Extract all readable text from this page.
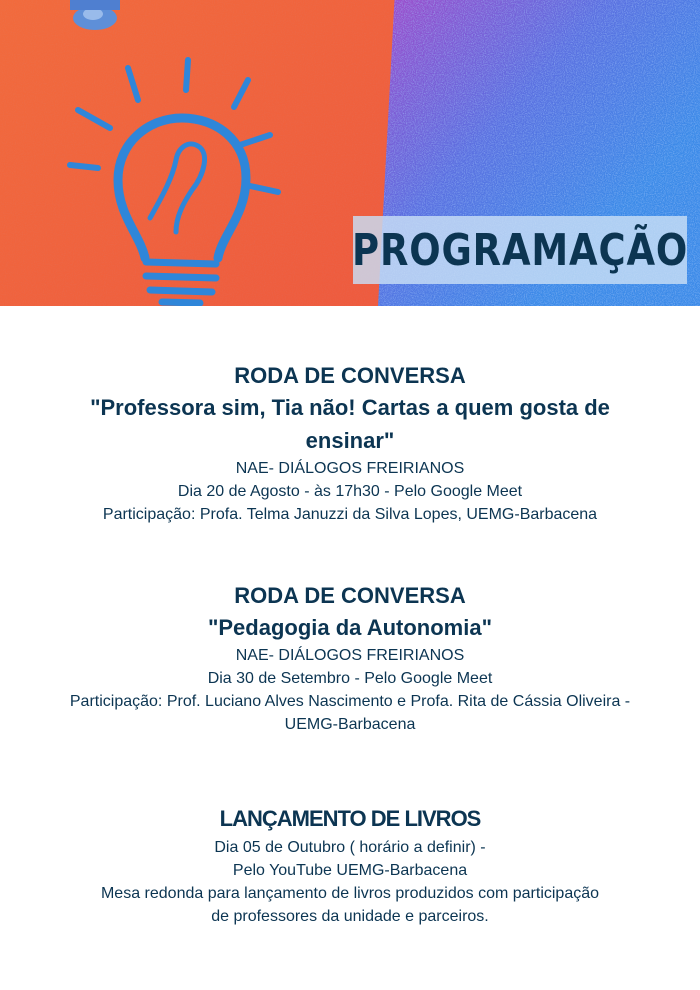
PROGRAMAÇÃO
RODA DE CONVERSA
"Professora sim, Tia não! Cartas a quem gosta de ensinar"
NAE- DIÁLOGOS FREIRIANOS
Dia 20 de Agosto - às 17h30 - Pelo Google Meet
Participação: Profa. Telma Januzzi da Silva Lopes, UEMG-Barbacena
RODA DE CONVERSA
"Pedagogia da Autonomia"
NAE- DIÁLOGOS FREIRIANOS
Dia 30 de Setembro - Pelo Google Meet
Participação: Prof. Luciano Alves Nascimento e Profa. Rita de Cássia Oliveira - UEMG-Barbacena
LANÇAMENTO DE LIVROS
Dia 05 de Outubro ( horário a definir) -
Pelo YouTube UEMG-Barbacena
Mesa redonda para lançamento de livros produzidos com participação de professores da unidade e parceiros.
